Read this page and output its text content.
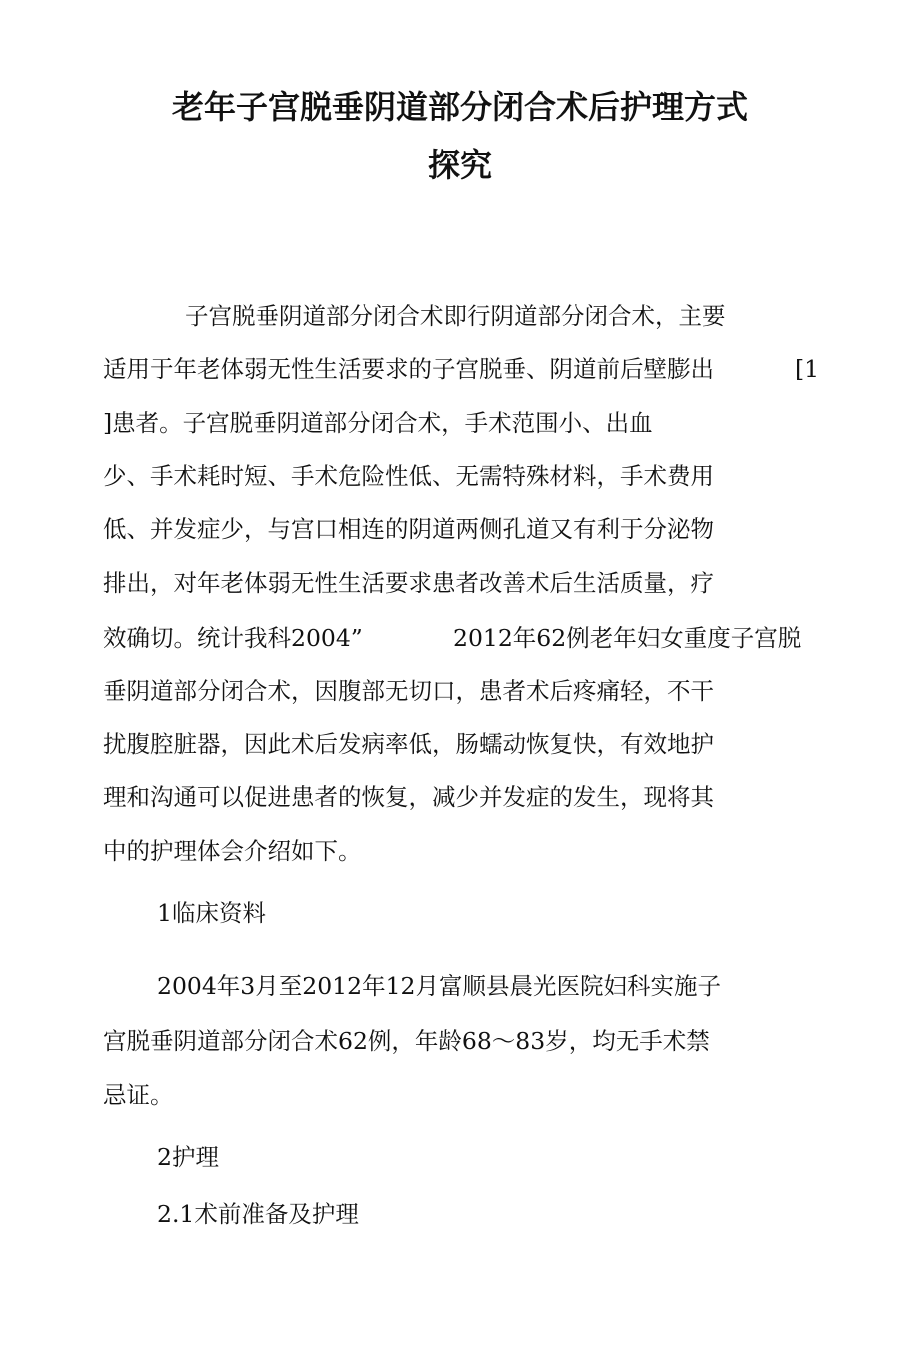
老年子宫脱垂阴道部分闭合术后护理方式
探究
子宫脱垂阴道部分闭合术即行阴道部分闭合术，主要
适用于年老体弱无性生活要求的子宫脱垂、阴道前后壁膨出	[1
]患者。子宫脱垂阴道部分闭合术，手术范围小、出血
少、手术耗时短、手术危险性低、无需特殊材料，手术费用
低、并发症少，与宫口相连的阴道两侧孔道又有利于分泌物
排出，对年老体弱无性生活要求患者改善术后生活质量，疗
效确切。统计我科2004”	2012年62例老年妇女重度子宫脱
垂阴道部分闭合术，因腹部无切口，患者术后疼痛轻，不干
扰腹腔脏器，因此术后发病率低，肠蠕动恢复快，有效地护
理和沟通可以促进患者的恢复，减少并发症的发生，现将其
中的护理体会介绍如下。
1临床资料
2004年3月至2012年12月富顺县晨光医院妇科实施子
宫脱垂阴道部分闭合术62例，年龄68～83岁，均无手术禁
忌证。
2护理
2.1术前准备及护理
